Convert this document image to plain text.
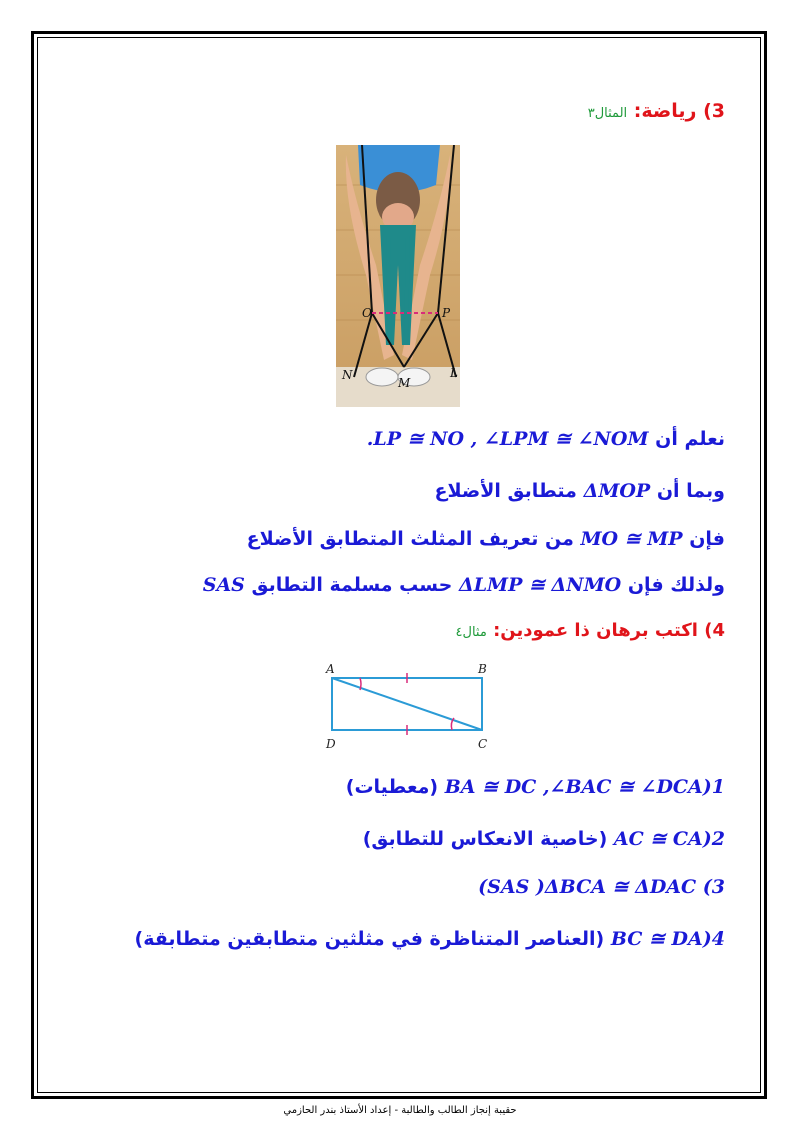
3) رياضة: المثال٣
O	P
N
M
L
نعلم أن .LP ≅ NO , ∠LPM ≅ ∠NOM
وبما أن ΔMOP متطابق الأضلاع
فإن MO ≅ MP من تعريف المثلث المتطابق الأضلاع
ولذلك فإن ΔLMP ≅ ΔNMO حسب مسلمة التطابق SAS
4) اكتب برهان ذا عمودين: مثال٤
A	B
C
D
BA ≅ DC ,∠BAC ≅ ∠DCA)1 (معطيات)
AC ≅ CA)2 (خاصية الانعكاس للتطابق)
(SAS )ΔBCA ≅ ΔDAC (3
BC ≅ DA)4 (العناصر المتناظرة في مثلثين متطابقين متطابقة)
حقيبة إنجاز الطالب والطالبة - إعداد الأستاذ بندر الحازمي
